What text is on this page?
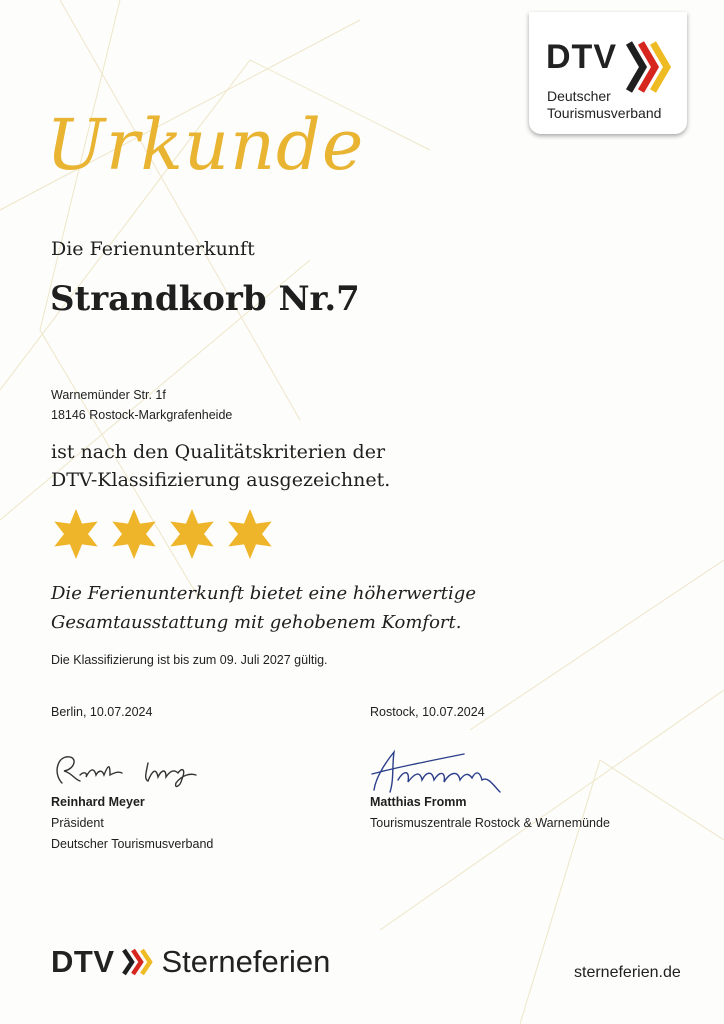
DTV
Deutscher
Tourismusverband
Urkunde
Die Ferienunterkunft
Strandkorb Nr.7
Warnemünder Str. 1f
18146 Rostock-Markgrafenheide
ist nach den Qualitätskriterien der
DTV-Klassifizierung ausgezeichnet.
Die Ferienunterkunft bietet eine höherwertige
Gesamtausstattung mit gehobenem Komfort.
Die Klassifizierung ist bis zum 09. Juli 2027 gültig.
Berlin, 10.07.2024
Reinhard Meyer
Präsident
Deutscher Tourismusverband
Rostock, 10.07.2024
Matthias Fromm
Tourismuszentrale Rostock & Warnemünde
DTV Sterneferien	sterneferien.de
